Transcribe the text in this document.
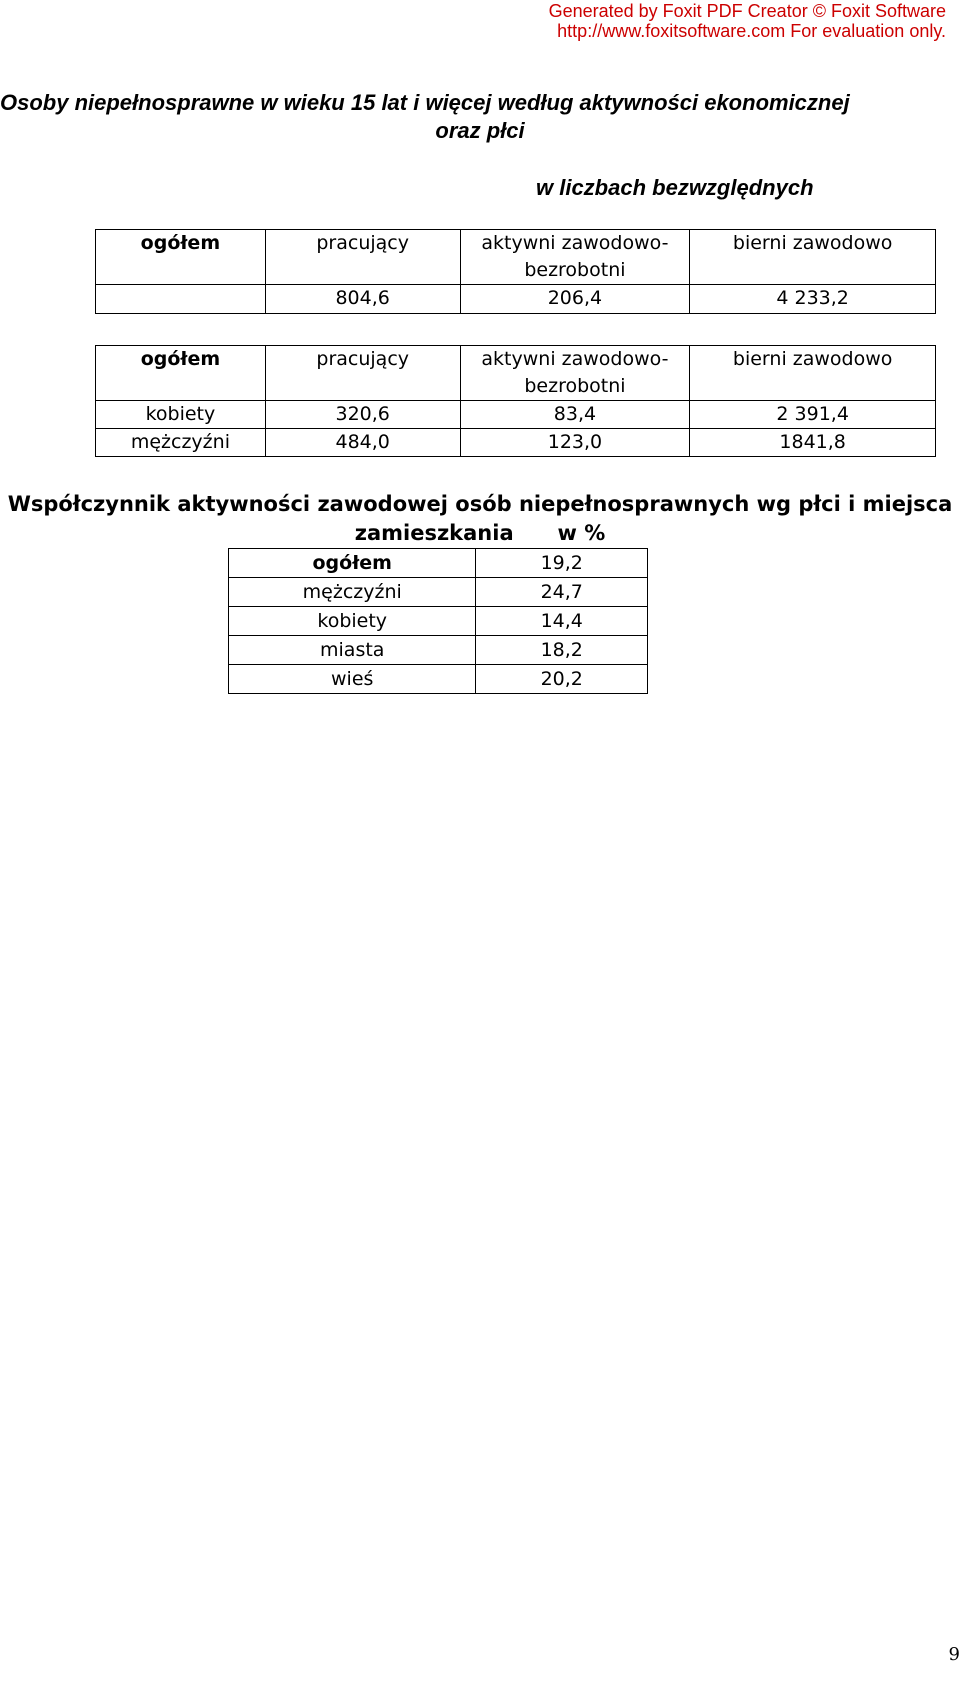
Generated by Foxit PDF Creator © Foxit Software
http://www.foxitsoftware.com For evaluation only.
Osoby niepełnosprawne w wieku 15 lat i więcej według aktywności ekonomicznej
oraz płci
w liczbach bezwzględnych
ogółem	pracujący	aktywni zawodowo-bezrobotni	bierni zawodowo
	804,6	206,4	4 233,2
ogółem	pracujący	aktywni zawodowo-bezrobotni	bierni zawodowo
kobiety	320,6	83,4	2 391,4
mężczyźni	484,0	123,0	1841,8
Współczynnik aktywności zawodowej osób niepełnosprawnych wg płci i miejsca
zamieszkania      w %
ogółem	19,2
mężczyźni	24,7
kobiety	14,4
miasta	18,2
wieś	20,2
9
